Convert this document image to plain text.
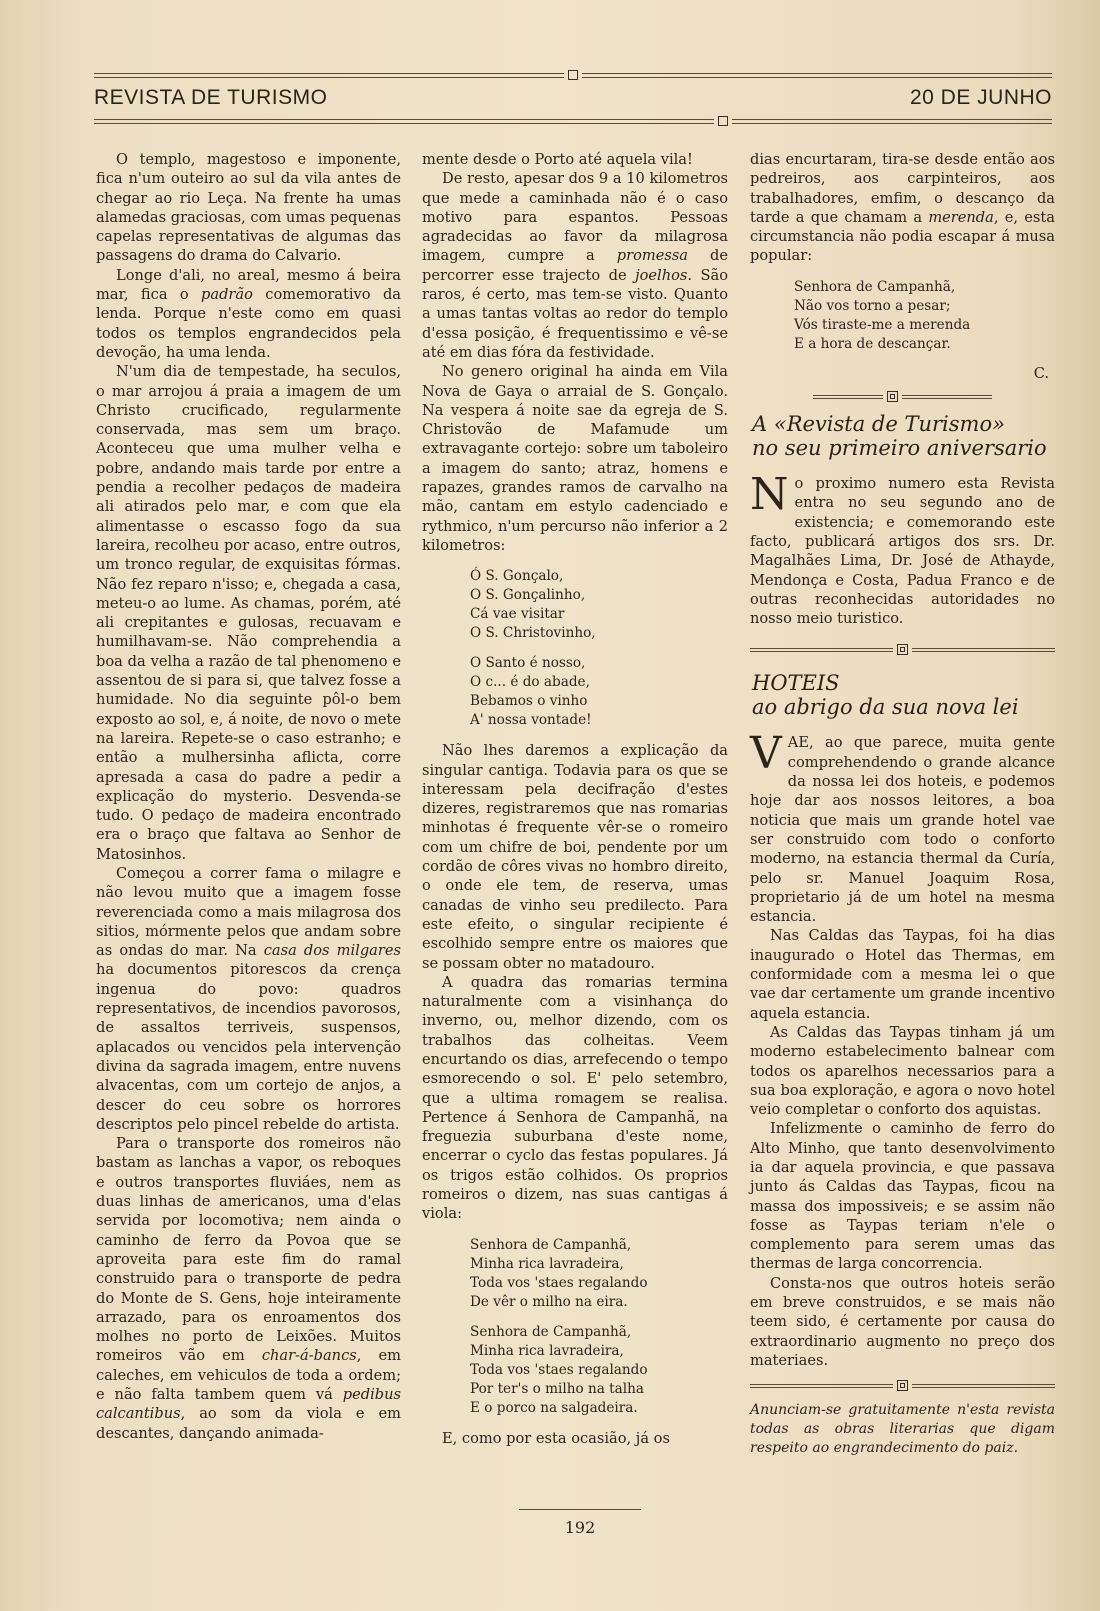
REVISTA DE TURISMO	20 DE JUNHO

O templo, magestoso e imponente, fica n'um outeiro ao sul da vila antes de chegar ao rio Leça. Na frente ha umas alamedas graciosas, com umas pequenas capelas representativas de algumas das passagens do drama do Calvario.

Longe d'ali, no areal, mesmo á beira mar, fica o padrão comemorativo da lenda. Porque n'este como em quasi todos os templos engrandecidos pela devoção, ha uma lenda.

N'um dia de tempestade, ha seculos, o mar arrojou á praia a imagem de um Christo crucificado, regularmente conservada, mas sem um braço. Aconteceu que uma mulher velha e pobre, andando mais tarde por entre a pendia a recolher pedaços de madeira ali atirados pelo mar, e com que ela alimentasse o escasso fogo da sua lareira, recolheu por acaso, entre outros, um tronco regular, de exquisitas fórmas. Não fez reparo n'isso; e, chegada a casa, meteu-o ao lume. As chamas, porém, até ali crepitantes e gulosas, recuavam e humilhavam-se. Não comprehendia a boa da velha a razão de tal phenomeno e assentou de si para si, que talvez fosse a humidade. No dia seguinte pôl-o bem exposto ao sol, e, á noite, de novo o mete na lareira. Repete-se o caso estranho; e então a mulhersinha aflicta, corre apresada a casa do padre a pedir a explicação do mysterio. Desvenda-se tudo. O pedaço de madeira encontrado era o braço que faltava ao Senhor de Matosinhos.

Começou a correr fama o milagre e não levou muito que a imagem fosse reverenciada como a mais milagrosa dos sitios, mórmente pelos que andam sobre as ondas do mar. Na casa dos milgares ha documentos pitorescos da crença ingenua do povo: quadros representativos, de incendios pavorosos, de assaltos terriveis, suspensos, aplacados ou vencidos pela intervenção divina da sagrada imagem, entre nuvens alvacentas, com um cortejo de anjos, a descer do ceu sobre os horrores descriptos pelo pincel rebelde do artista.

Para o transporte dos romeiros não bastam as lanchas a vapor, os reboques e outros transportes fluviáes, nem as duas linhas de americanos, uma d'elas servida por locomotiva; nem ainda o caminho de ferro da Povoa que se aproveita para este fim do ramal construido para o transporte de pedra do Monte de S. Gens, hoje inteiramente arrazado, para os enroamentos dos molhes no porto de Leixões. Muitos romeiros vão em char-á-bancs, em caleches, em vehiculos de toda a ordem; e não falta tambem quem vá pedibus calcantibus, ao som da viola e em descantes, dançando animada-

mente desde o Porto até aquela vila!

De resto, apesar dos 9 a 10 kilometros que mede a caminhada não é o caso motivo para espantos. Pessoas agradecidas ao favor da milagrosa imagem, cumpre a promessa de percorrer esse trajecto de joelhos. São raros, é certo, mas tem-se visto. Quanto a umas tantas voltas ao redor do templo d'essa posição, é frequentissimo e vê-se até em dias fóra da festividade.

No genero original ha ainda em Vila Nova de Gaya o arraial de S. Gonçalo. Na vespera á noite sae da egreja de S. Christovão de Mafamude um extravagante cortejo: sobre um taboleiro a imagem do santo; atraz, homens e rapazes, grandes ramos de carvalho na mão, cantam em estylo cadenciado e rythmico, n'um percurso não inferior a 2 kilometros:

Ó S. Gonçalo,
O S. Gonçalinho,
Cá vae visitar
O S. Christovinho,
O Santo é nosso,
O c... é do abade,
Bebamos o vinho
A' nossa vontade!

Não lhes daremos a explicação da singular cantiga. Todavia para os que se interessam pela decifração d'estes dizeres, registraremos que nas romarias minhotas é frequente vêr-se o romeiro com um chifre de boi, pendente por um cordão de côres vivas no hombro direito, o onde ele tem, de reserva, umas canadas de vinho seu predilecto. Para este efeito, o singular recipiente é escolhido sempre entre os maiores que se possam obter no matadouro.

A quadra das romarias termina naturalmente com a visinhança do inverno, ou, melhor dizendo, com os trabalhos das colheitas. Veem encurtando os dias, arrefecendo o tempo esmorecendo o sol. E' pelo setembro, que a ultima romagem se realisa. Pertence á Senhora de Campanhã, na freguezia suburbana d'este nome, encerrar o cyclo das festas populares. Já os trigos estão colhidos. Os proprios romeiros o dizem, nas suas cantigas á viola:

Senhora de Campanhã,
Minha rica lavradeira,
Toda vos 'staes regalando
De vêr o milho na eira.
Senhora de Campanhã,
Minha rica lavradeira,
Toda vos 'staes regalando
Por ter's o milho na talha
E o porco na salgadeira.

E, como por esta ocasião, já os

dias encurtaram, tira-se desde então aos pedreiros, aos carpinteiros, aos trabalhadores, emfim, o descanço da tarde a que chamam a merenda, e, esta circumstancia não podia escapar á musa popular:

Senhora de Campanhã,
Não vos torno a pesar;
Vós tiraste-me a merenda
E a hora de descançar.
C.
A «Revista de Turismo»
no seu primeiro aniversario

No proximo numero esta Revista entra no seu segundo ano de existencia; e comemorando este facto, publicará artigos dos srs. Dr. Magalhães Lima, Dr. José de Athayde, Mendonça e Costa, Padua Franco e de outras reconhecidas autoridades no nosso meio turistico.

HOTEIS
ao abrigo da sua nova lei

VAE, ao que parece, muita gente comprehendendo o grande alcance da nossa lei dos hoteis, e podemos hoje dar aos nossos leitores, a boa noticia que mais um grande hotel vae ser construido com todo o conforto moderno, na estancia thermal da Curía, pelo sr. Manuel Joaquim Rosa, proprietario já de um hotel na mesma estancia.

Nas Caldas das Taypas, foi ha dias inaugurado o Hotel das Thermas, em conformidade com a mesma lei o que vae dar certamente um grande incentivo aquela estancia.

As Caldas das Taypas tinham já um moderno estabelecimento balnear com todos os aparelhos necessarios para a sua boa exploração, e agora o novo hotel veio completar o conforto dos aquistas.

Infelizmente o caminho de ferro do Alto Minho, que tanto desenvolvimento ia dar aquela provincia, e que passava junto ás Caldas das Taypas, ficou na massa dos impossiveis; e se assim não fosse as Taypas teriam n'ele o complemento para serem umas das thermas de larga concorrencia.

Consta-nos que outros hoteis serão em breve construidos, e se mais não teem sido, é certamente por causa do extraordinario augmento no preço dos materiaes.

Anunciam-se gratuitamente n'esta revista todas as obras literarias que digam respeito ao engrandecimento do paiz.
192
